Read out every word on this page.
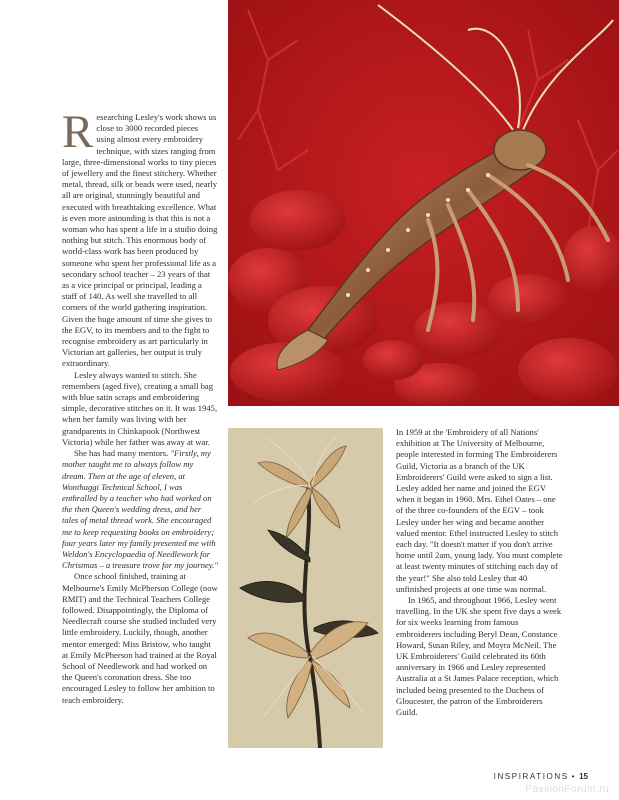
Researching Lesley's work shows us close to 3000 recorded pieces using almost every embroidery technique, with sizes ranging from large, three-dimensional works to tiny pieces of jewellery and the finest stitchery. Whether metal, thread, silk or beads were used, nearly all are original, stunningly beautiful and executed with breathtaking excellence. What is even more astounding is that this is not a woman who has spent a life in a studio doing nothing but stitch. This enormous body of world-class work has been produced by someone who spent her professional life as a secondary school teacher – 23 years of that as a vice principal or principal, leading a staff of 140. As well she travelled to all corners of the world gathering inspiration. Given the huge amount of time she gives to the EGV, to its members and to the fight to recognise embroidery as art particularly in Victorian art galleries, her output is truly extraordinary.

Lesley always wanted to stitch. She remembers (aged five), creating a small bag with blue satin scraps and embroidering simple, decorative stitches on it. It was 1945, when her family was living with her grandparents in Chinkapook (Northwest Victoria) while her father was away at war.

She has had many mentors. "Firstly, my mother taught me to always follow my dream. Then at the age of eleven, at Wonthaggi Technical School, I was enthralled by a teacher who had worked on the then Queen's wedding dress, and her tales of metal thread work. She encouraged me to keep requesting books on embroidery; four years later my family presented me with Weldon's Encyclopaedia of Needlework for Christmas – a treasure trove for my journey."

Once school finished, training at Melbourne's Emily McPherson College (now RMIT) and the Technical Teachers College followed. Disappointingly, the Diploma of Needlecraft course she studied included very little embroidery. Luckily, though, another mentor emerged: Miss Bristow, who taught at Emily McPherson had trained at the Royal School of Needlework and had worked on the Queen's coronation dress. She too encouraged Lesley to follow her ambition to teach embroidery.

In 1959 at the 'Embroidery of all Nations' exhibition at The University of Melbourne, people interested in forming The Embroiderers Guild, Victoria as a branch of the UK Embroiderers' Guild were asked to sign a list. Lesley added her name and joined the EGV when it began in 1960. Mrs. Ethel Oates – one of the three co-founders of the EGV – took Lesley under her wing and became another valued mentor. Ethel instructed Lesley to stitch each day. "It doesn't matter if you don't arrive home until 2am, young lady. You must complete at least twenty minutes of stitching each day of the year!" She also told Lesley that 40 unfinished projects at one time was normal.

In 1965, and throughout 1966, Lesley went travelling. In the UK she spent five days a week for six weeks learning from famous embroiderers including Beryl Dean, Constance Howard, Susan Riley, and Moyra McNeil. The UK Embroiderers' Guild celebrated its 60th anniversary in 1966 and Lesley represented Australia at a St James Palace reception, which included being presented to the Duchess of Gloucester, the patron of the Embroiderers Guild.

INSPIRATIONS • 15
PassionForum.ru
